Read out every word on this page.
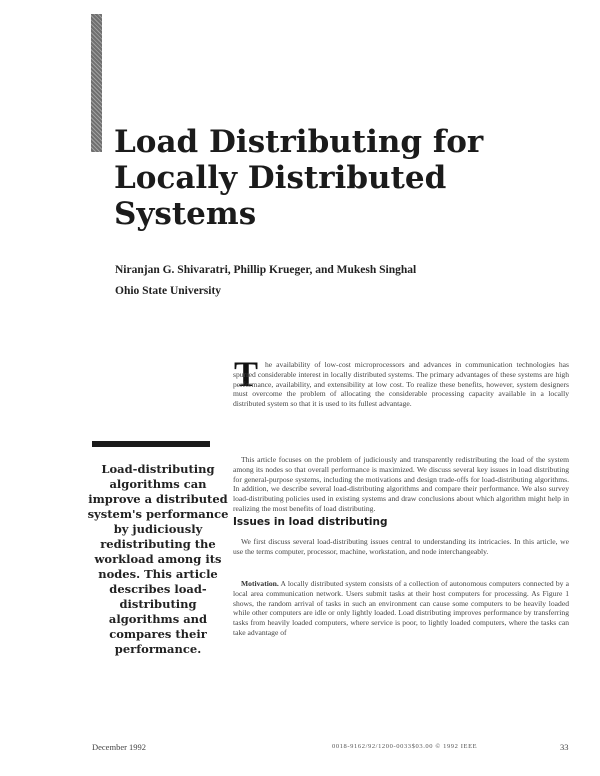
Load Distributing for Locally Distributed Systems
Niranjan G. Shivaratri, Phillip Krueger, and Mukesh Singhal
Ohio State University
T he availability of low-cost microprocessors and advances in communication technologies has spurred considerable interest in locally distributed systems. The primary advantages of these systems are high performance, availability, and extensibility at low cost. To realize these benefits, however, system designers must overcome the problem of allocating the considerable processing capacity available in a locally distributed system so that it is used to its fullest advantage.

This article focuses on the problem of judiciously and transparently redistributing the load of the system among its nodes so that overall performance is maximized. We discuss several key issues in load distributing for general-purpose systems, including the motivations and design trade-offs for load-distributing algorithms. In addition, we describe several load-distributing algorithms and compare their performance. We also survey load-distributing policies used in existing systems and draw conclusions about which algorithm might help in realizing the most benefits of load distributing.

Issues in load distributing

We first discuss several load-distributing issues central to understanding its intricacies. In this article, we use the terms computer, processor, machine, workstation, and node interchangeably.

Motivation. A locally distributed system consists of a collection of autonomous computers connected by a local area communication network. Users submit tasks at their host computers for processing. As Figure 1 shows, the random arrival of tasks in such an environment can cause some computers to be heavily loaded while other computers are idle or only lightly loaded. Load distributing improves performance by transferring tasks from heavily loaded computers, where service is poor, to lightly loaded computers, where the tasks can take advantage of

Load-distributing algorithms can improve a distributed system's performance by judiciously redistributing the workload among its nodes. This article describes load-distributing algorithms and compares their performance.
December 1992	0018-9162/92/1200-0033$03.00 © 1992 IEEE	33
